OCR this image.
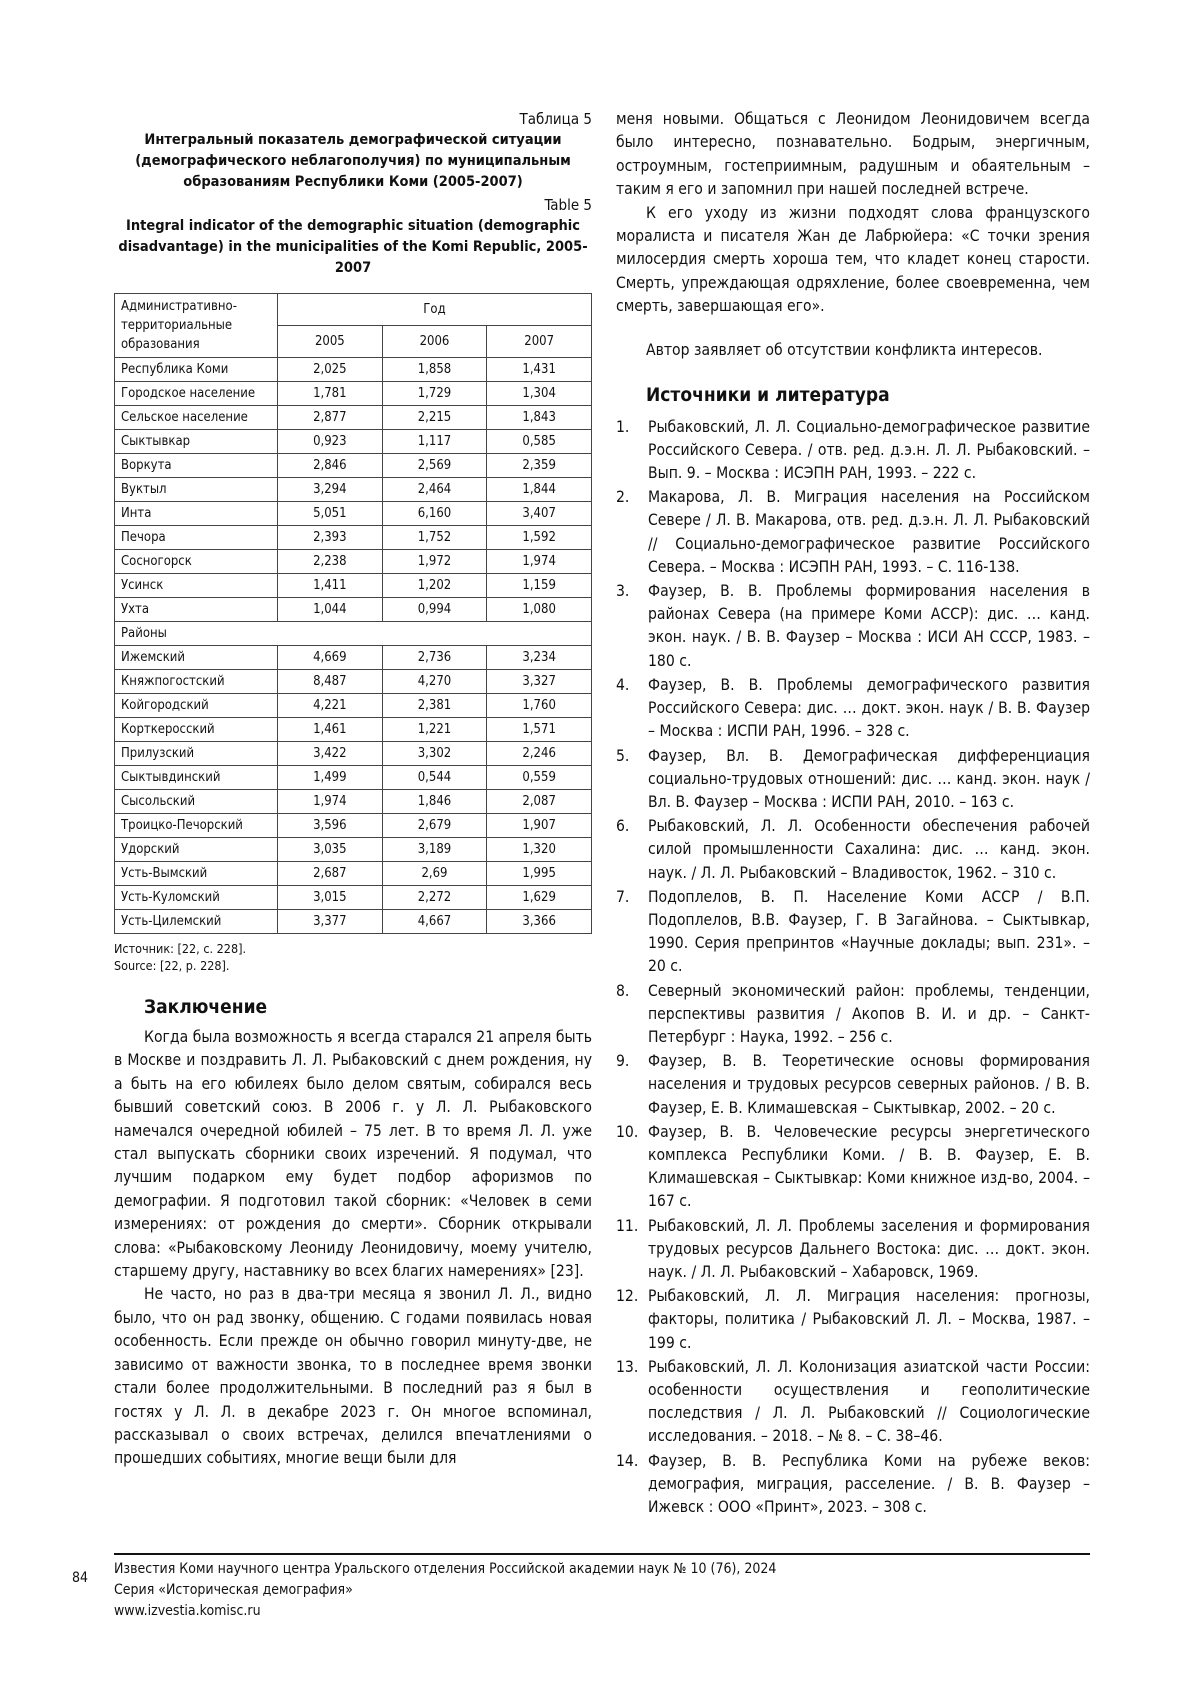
Таблица 5
Интегральный показатель демографической ситуации (демографического неблагополучия) по муниципальным образованиям Республики Коми (2005-2007)
Table 5
Integral indicator of the demographic situation (demographic disadvantage) in the municipalities of the Komi Republic, 2005-2007
Административно-территориальные образования	Год		
	2005	2006	2007
Республика Коми	2,025	1,858	1,431
Городское население	1,781	1,729	1,304
Сельское население	2,877	2,215	1,843
Сыктывкар	0,923	1,117	0,585
Воркута	2,846	2,569	2,359
Вуктыл	3,294	2,464	1,844
Инта	5,051	6,160	3,407
Печора	2,393	1,752	1,592
Сосногорск	2,238	1,972	1,974
Усинск	1,411	1,202	1,159
Ухта	1,044	0,994	1,080
Районы			
Ижемский	4,669	2,736	3,234
Княжпогостский	8,487	4,270	3,327
Койгородский	4,221	2,381	1,760
Корткеросский	1,461	1,221	1,571
Прилузский	3,422	3,302	2,246
Сыктывдинский	1,499	0,544	0,559
Сысольский	1,974	1,846	2,087
Троицко-Печорский	3,596	2,679	1,907
Удорский	3,035	3,189	1,320
Усть-Вымский	2,687	2,69	1,995
Усть-Куломский	3,015	2,272	1,629
Усть-Цилемский	3,377	4,667	3,366
Источник: [22, с. 228].
Source: [22, p. 228].
Заключение

Когда была возможность я всегда старался 21 апреля быть в Москве и поздравить Л. Л. Рыбаковский с днем рождения, ну а быть на его юбилеях было делом святым, собирался весь бывший советский союз. В 2006 г. у Л. Л. Рыбаковского намечался очередной юбилей – 75 лет. В то время Л. Л. уже стал выпускать сборники своих изречений. Я подумал, что лучшим подарком ему будет подбор афоризмов по демографии. Я подготовил такой сборник: «Человек в семи измерениях: от рождения до смерти». Сборник открывали слова: «Рыбаковскому Леониду Леонидовичу, моему учителю, старшему другу, наставнику во всех благих намерениях» [23].

Не часто, но раз в два-три месяца я звонил Л. Л., видно было, что он рад звонку, общению. С годами появилась новая особенность. Если прежде он обычно говорил минуту-две, не зависимо от важности звонка, то в последнее время звонки стали более продолжительными. В последний раз я был в гостях у Л. Л. в декабре 2023 г. Он многое вспоминал, рассказывал о своих встречах, делился впечатлениями о прошедших событиях, многие вещи были для

меня новыми. Общаться с Леонидом Леонидовичем всегда было интересно, познавательно. Бодрым, энергичным, остроумным, гостеприимным, радушным и обаятельным – таким я его и запомнил при нашей последней встрече.

К его уходу из жизни подходят слова французского моралиста и писателя Жан де Лабрюйера: «С точки зрения милосердия смерть хороша тем, что кладет конец старости. Смерть, упреждающая одряхление, более своевременна, чем смерть, завершающая его».

Автор заявляет об отсутствии конфликта интересов.
Источники и литература
1. Рыбаковский, Л. Л. Социально-демографическое развитие Российского Севера. / отв. ред. д.э.н. Л. Л. Рыбаковский. – Вып. 9. – Москва : ИСЭПН РАН, 1993. – 222 с.
2. Макарова, Л. В. Миграция населения на Российском Севере / Л. В. Макарова, отв. ред. д.э.н. Л. Л. Рыбаковский // Социально-демографическое развитие Российского Севера. – Москва : ИСЭПН РАН, 1993. – С. 116-138.
3. Фаузер, В. В. Проблемы формирования населения в районах Севера (на примере Коми АССР): дис. … канд. экон. наук. / В. В. Фаузер – Москва : ИСИ АН СССР, 1983. – 180 с.
4. Фаузер, В. В. Проблемы демографического развития Российского Севера: дис. … докт. экон. наук / В. В. Фаузер – Москва : ИСПИ РАН, 1996. – 328 с.
5. Фаузер, Вл. В. Демографическая дифференциация социально-трудовых отношений: дис. … канд. экон. наук / Вл. В. Фаузер – Москва : ИСПИ РАН, 2010. – 163 с.
6. Рыбаковский, Л. Л. Особенности обеспечения рабочей силой промышленности Сахалина: дис. … канд. экон. наук. / Л. Л. Рыбаковский – Владивосток, 1962. – 310 с.
7. Подоплелов, В. П. Население Коми АССР / В.П. Подоплелов, В.В. Фаузер, Г. В Загайнова. – Сыктывкар, 1990. Серия препринтов «Научные доклады; вып. 231». – 20 с.
8. Северный экономический район: проблемы, тенденции, перспективы развития / Акопов В. И. и др. – Санкт-Петербург : Наука, 1992. – 256 с.
9. Фаузер, В. В. Теоретические основы формирования населения и трудовых ресурсов северных районов. / В. В. Фаузер, Е. В. Климашевская – Сыктывкар, 2002. – 20 с.
10. Фаузер, В. В. Человеческие ресурсы энергетического комплекса Республики Коми. / В. В. Фаузер, Е. В. Климашевская – Сыктывкар: Коми книжное изд-во, 2004. – 167 с.
11. Рыбаковский, Л. Л. Проблемы заселения и формирования трудовых ресурсов Дальнего Востока: дис. … докт. экон. наук. / Л. Л. Рыбаковский – Хабаровск, 1969.
12. Рыбаковский, Л. Л. Миграция населения: прогнозы, факторы, политика / Рыбаковский Л. Л. – Москва, 1987. – 199 с.
13. Рыбаковский, Л. Л. Колонизация азиатской части России: особенности осуществления и геополитические последствия / Л. Л. Рыбаковский // Социологические исследования. – 2018. – № 8. – С. 38–46.
14. Фаузер, В. В. Республика Коми на рубеже веков: демография, миграция, расселение. / В. В. Фаузер – Ижевск : ООО «Принт», 2023. – 308 с.
84
Известия Коми научного центра Уральского отделения Российской академии наук № 10 (76), 2024
Серия «Историческая демография»
www.izvestia.komisc.ru
